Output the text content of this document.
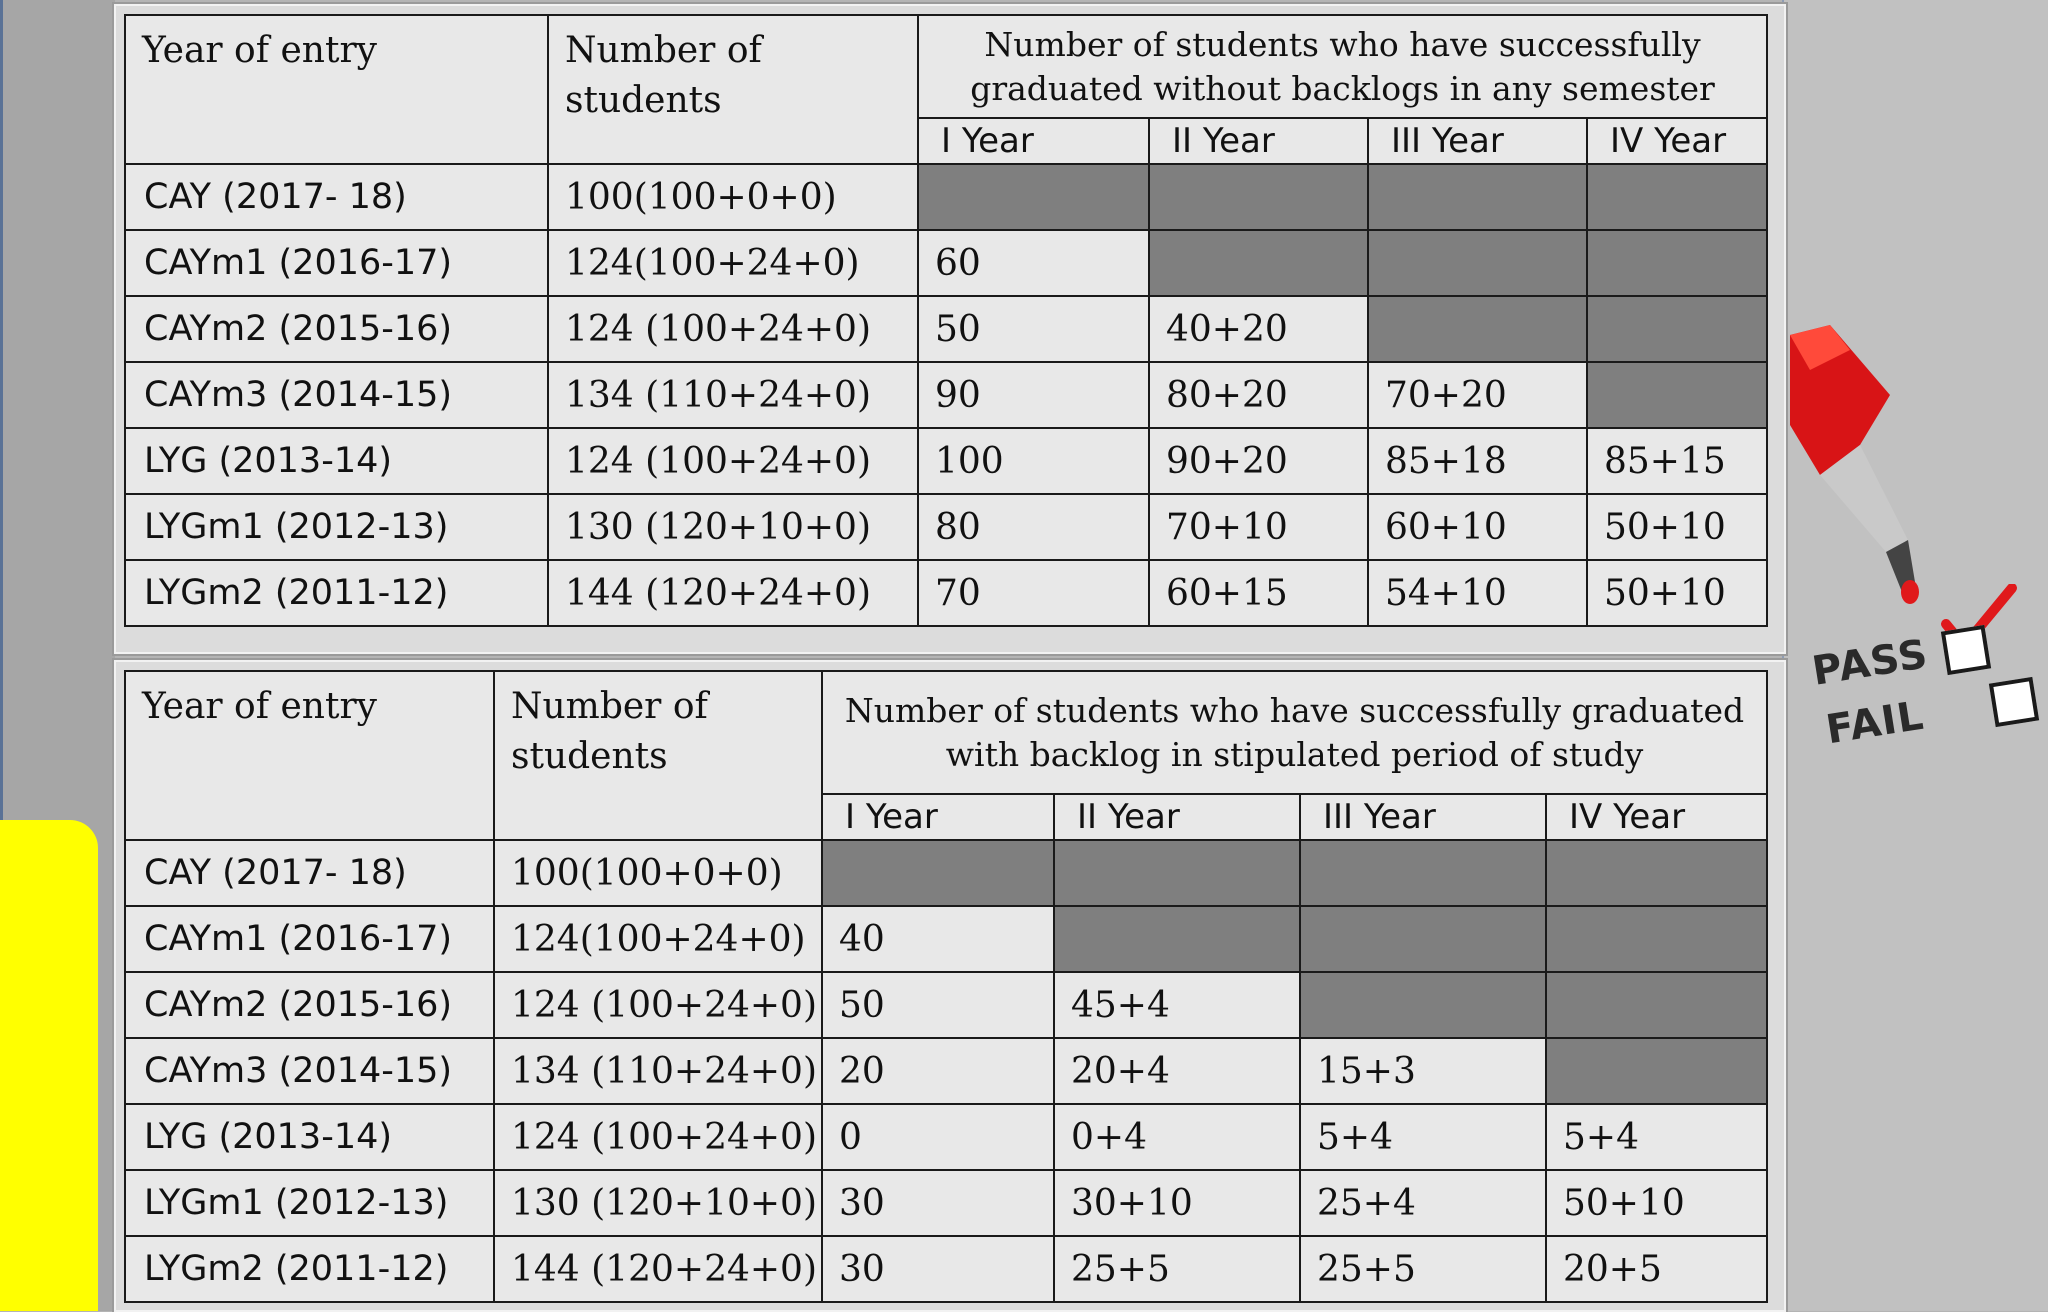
Year of entry	Number of students	Number of students who have successfully graduated without backlogs in any semester			
		I Year	II Year	III Year	IV Year
CAY (2017- 18)	100(100+0+0)				
CAYm1 (2016-17)	124(100+24+0)	60			
CAYm2 (2015-16)	124 (100+24+0)	50	40+20		
CAYm3 (2014-15)	134 (110+24+0)	90	80+20	70+20	
LYG (2013-14)	124 (100+24+0)	100	90+20	85+18	85+15
LYGm1 (2012-13)	130 (120+10+0)	80	70+10	60+10	50+10
LYGm2 (2011-12)	144 (120+24+0)	70	60+15	54+10	50+10
Year of entry	Number of students	Number of students who have successfully graduated with backlog in stipulated period of study			
		I Year	II Year	III Year	IV Year
CAY (2017- 18)	100(100+0+0)				
CAYm1 (2016-17)	124(100+24+0)	40			
CAYm2 (2015-16)	124 (100+24+0)	50	45+4		
CAYm3 (2014-15)	134 (110+24+0)	20	20+4	15+3	
LYG (2013-14)	124 (100+24+0)	0	0+4	5+4	5+4
LYGm1 (2012-13)	130 (120+10+0)	30	30+10	25+4	50+10
LYGm2 (2011-12)	144 (120+24+0)	30	25+5	25+5	20+5
PASS
FAIL
